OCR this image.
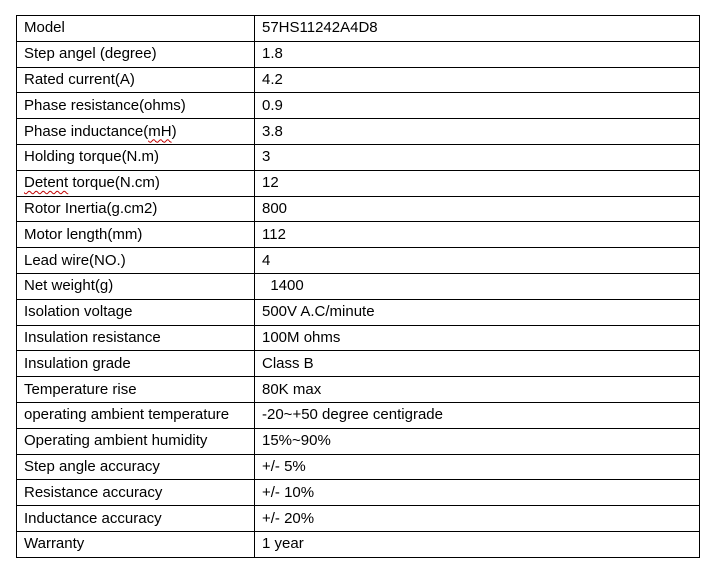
Model	57HS11242A4D8
Step angel (degree)	1.8
Rated current(A)	4.2
Phase resistance(ohms)	0.9
Phase inductance(mH)	3.8
Holding torque(N.m)	3
Detent torque(N.cm)	12
Rotor Inertia(g.cm2)	800
Motor length(mm)	112
Lead wire(NO.)	4
Net weight(g)	1400
Isolation voltage	500V A.C/minute
Insulation resistance	100M ohms
Insulation grade	Class B
Temperature rise	80K max
operating ambient temperature	-20~+50 degree centigrade
Operating ambient humidity	15%~90%
Step angle accuracy	+/- 5%
Resistance accuracy	+/- 10%
Inductance accuracy	+/- 20%
Warranty	1 year
